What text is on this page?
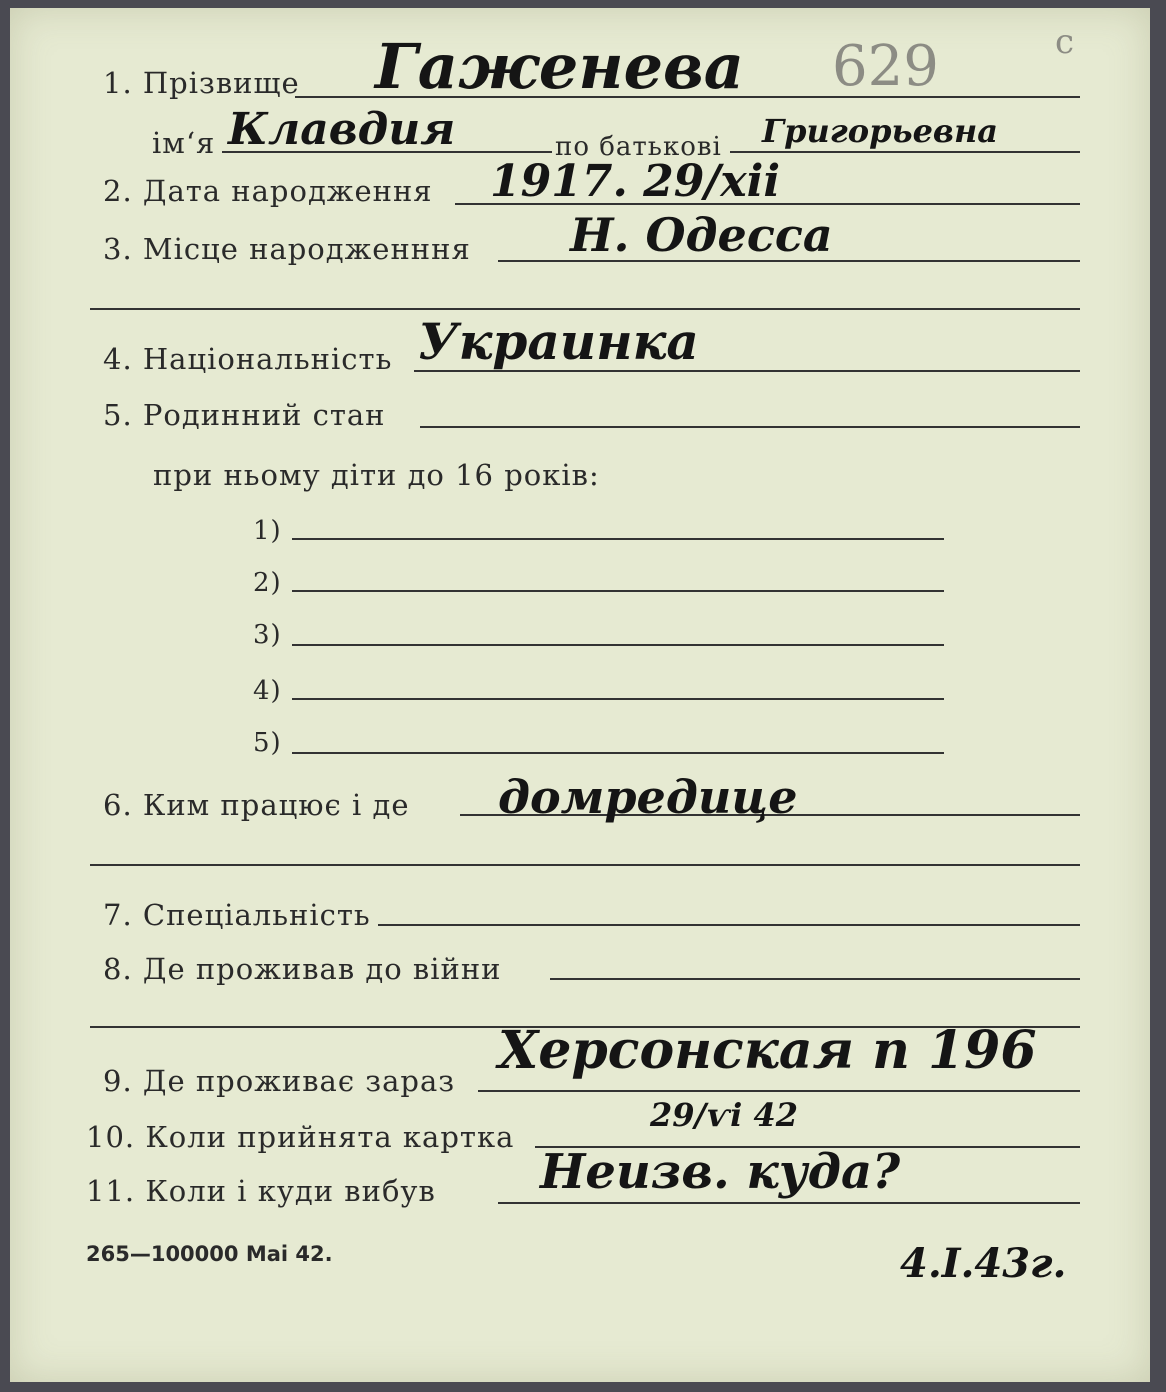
1. Прізвище Гаженева 629	с
ім‘я Клавдия	по батькові Григорьевна
2. Дата народження 1917. 29/хіі
3. Місце народженння Н. Одесса
4. Національність Украинка
5. Родинний стан
при ньому діти до 16 років:
1)
2)
3)
4)
5)
6. Ким працює і де домредице
7. Спеціальність
8. Де проживав до війни
9. Де проживає зараз Херсонская п 196
10. Коли прийнята картка
29/ѵі 42
11. Коли і куди вибув Неизв. куда?
265—100000 Mai 42.	4.I.43г.
